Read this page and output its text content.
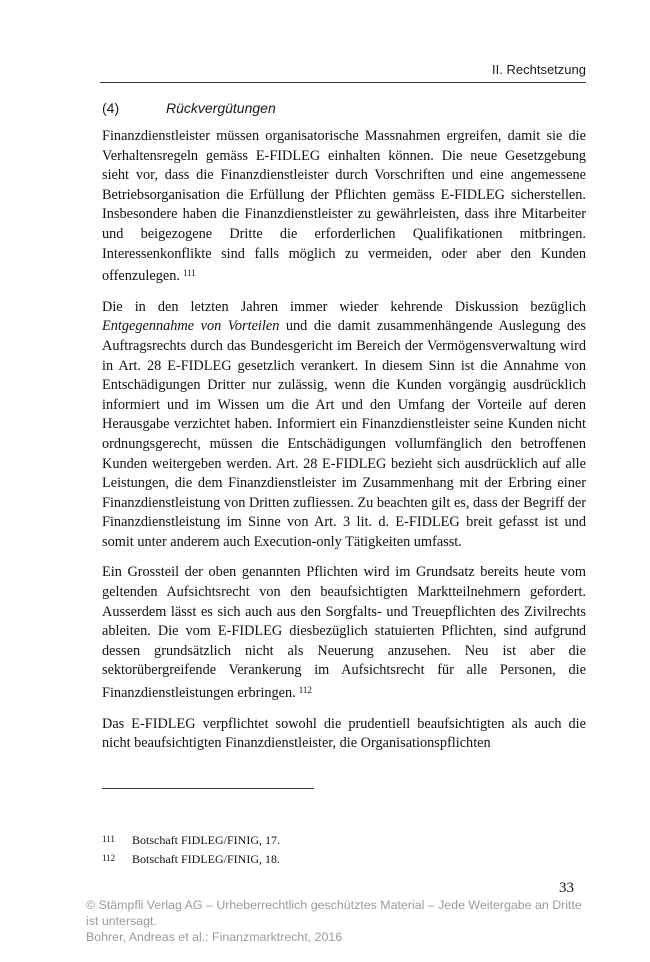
II. Rechtsetzung
(4)	Rückvergütungen

Finanzdienstleister müssen organisatorische Massnahmen ergreifen, damit sie die Verhaltensregeln gemäss E-FIDLEG einhalten können. Die neue Gesetzgebung sieht vor, dass die Finanzdienstleister durch Vorschriften und eine angemessene Betriebsorganisation die Erfüllung der Pflichten gemäss E-FIDLEG sicherstellen. Insbesondere haben die Finanzdienstleister zu gewährleisten, dass ihre Mitarbeiter und beigezogene Dritte die erforderlichen Qualifikationen mitbringen. Interessenkonflikte sind falls möglich zu vermeiden, oder aber den Kunden offenzulegen. $^{111}$

Die in den letzten Jahren immer wieder kehrende Diskussion bezüglich Entgegennahme von Vorteilen und die damit zusammenhängende Auslegung des Auftragsrechts durch das Bundesgericht im Bereich der Vermögensverwaltung wird in Art. 28 E-FIDLEG gesetzlich verankert. In diesem Sinn ist die Annahme von Entschädigungen Dritter nur zulässig, wenn die Kunden vorgängig ausdrücklich informiert und im Wissen um die Art und den Umfang der Vorteile auf deren Herausgabe verzichtet haben. Informiert ein Finanzdienstleister seine Kunden nicht ordnungsgerecht, müssen die Entschädigungen vollumfänglich den betroffenen Kunden weitergeben werden. Art. 28 E-FIDLEG bezieht sich ausdrücklich auf alle Leistungen, die dem Finanzdienstleister im Zusammenhang mit der Erbring einer Finanzdienstleistung von Dritten zufliessen. Zu beachten gilt es, dass der Begriff der Finanzdienstleistung im Sinne von Art. 3 lit. d. E-FIDLEG breit gefasst ist und somit unter anderem auch Execution-only Tätigkeiten umfasst.

Ein Grossteil der oben genannten Pflichten wird im Grundsatz bereits heute vom geltenden Aufsichtsrecht von den beaufsichtigten Marktteilnehmern gefordert. Ausserdem lässt es sich auch aus den Sorgfalts- und Treuepflichten des Zivilrechts ableiten. Die vom E-FIDLEG diesbezüglich statuierten Pflichten, sind aufgrund dessen grundsätzlich nicht als Neuerung anzusehen. Neu ist aber die sektorübergreifende Verankerung im Aufsichtsrecht für alle Personen, die Finanzdienstleistungen erbringen. $^{112}$

Das E-FIDLEG verpflichtet sowohl die prudentiell beaufsichtigten als auch die nicht beaufsichtigten Finanzdienstleister, die Organisationspflichten

111 Botschaft FIDLEG/FINIG, 17.
112 Botschaft FIDLEG/FINIG, 18.
33
© Stämpfli Verlag AG – Urheberrechtlich geschütztes Material – Jede Weitergabe an Dritte ist untersagt.
Bohrer, Andreas et al.: Finanzmarktrecht, 2016
